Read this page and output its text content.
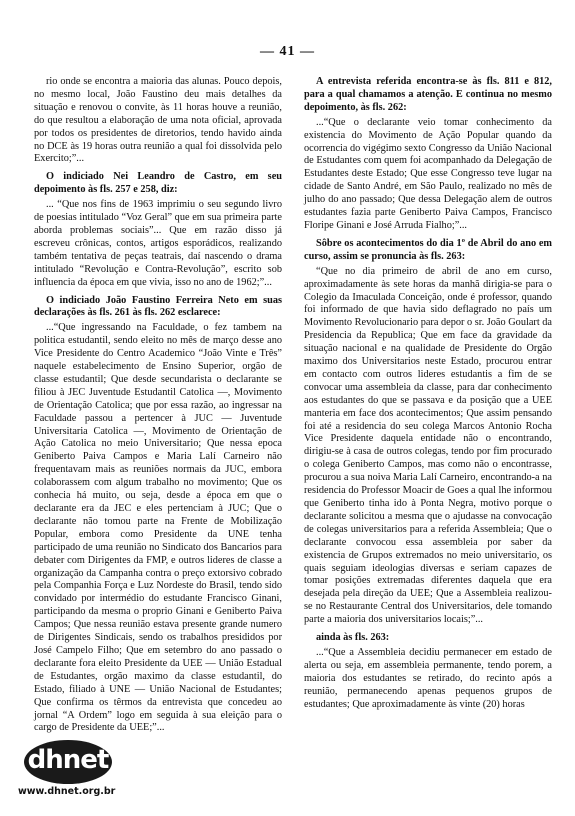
— 41 —

rio onde se encontra a maioria das alunas. Pouco depois, no mesmo local, João Faustino deu mais detalhes da situação e renovou o convite, às 11 horas houve a reunião, do que resultou a elaboração de uma nota oficial, aprovada por todos os presidentes de diretorios, tendo havido ainda no DCE às 19 horas outra reunião a qual foi dissolvida pelo Exercito;”...

O indiciado Nei Leandro de Castro, em seu depoimento às fls. 257 e 258, diz:

... “Que nos fins de 1963 imprimiu o seu segundo livro de poesias intitulado “Voz Geral” que em sua primeira parte aborda problemas sociais”... Que em razão disso já escreveu crônicas, contos, artigos esporádicos, realizando também tentativa de peças teatrais, daí nascendo o drama intitulado “Revolução e Contra-Revolução”, escrito sob influencia da época em que vivia, isso no ano de 1962;”...

O indiciado João Faustino Ferreira Neto em suas declarações às fls. 261 às fls. 262 esclarece:

...“Que ingressando na Faculdade, o fez tambem na politica estudantil, sendo eleito no mês de março desse ano Vice Presidente do Centro Academico “João Vinte e Três” naquele estabelecimento de Ensino Superior, orgão de classe estudantil; Que desde secundarista o declarante se filiou à JEC Juventude Estudantil Catolica —, Movimento de Orientação Catolica; que por essa razão, ao ingressar na Faculdade passou a pertencer à JUC — Juventude Universitaria Catolica —, Movimento de Orientação de Ação Catolica no meio Universitario; Que nessa epoca Geniberto Paiva Campos e Maria Lalí Carneiro não frequentavam mais as reuniões normais da JUC, embora colaborassem com algum trabalho no movimento; Que os conhecia há muito, ou seja, desde a época em que o declarante era da JEC e eles pertenciam à JUC; Que o declarante não tomou parte na Frente de Mobilização Popular, embora como Presidente da UNE tenha participado de uma reunião no Sindicato dos Bancarios para debater com Dirigentes da FMP, e outros lideres de classe a organização da Campanha contra o preço extorsivo cobrado pela Companhia Força e Luz Nordeste do Brasil, tendo sido convidado por intermédio do estudante Francisco Ginani, participando da mesma o proprio Ginani e Geniberto Paiva Campos; Que nessa reunião estava presente grande numero de Dirigentes Sindicais, sendo os trabalhos presididos por José Campelo Filho; Que em setembro do ano passado o declarante fora eleito Presidente da UEE — União Estadual de Estudantes, orgão maximo da classe estudantil, do Estado, filiado à UNE — União Nacional de Estudantes; Que confirma os têrmos da entrevista que concedeu ao jornal “A Ordem” logo em seguida à sua eleição para o cargo de Presidente da UEE;”...

A entrevista referida encontra-se às fls. 811 e 812, para a qual chamamos a atenção. E continua no mesmo depoimento, às fls. 262:

...“Que o declarante veio tomar conhecimento da existencia do Movimento de Ação Popular quando da ocorrencia do vigégimo sexto Congresso da União Nacional de Estudantes com quem foi acompanhado da Delegação de Estudantes deste Estado; Que esse Congresso teve lugar na cidade de Santo André, em São Paulo, realizado no mês de julho do ano passado; Que dessa Delegação alem de outros estudantes fazia parte Geniberto Paiva Campos, Francisco Floripe Ginani e José Arruda Fialho;”...

Sôbre os acontecimentos do dia 1º de Abril do ano em curso, assim se pronuncia às fls. 263:

“Que no dia primeiro de abril de ano em curso, aproximadamente às sete horas da manhã dirigia-se para o Colegio da Imaculada Conceição, onde é professor, quando foi informado de que havia sido deflagrado no país um Movimento Revolucionario para depor o sr. João Goulart da Presidencia da Republica; Que em face da gravidade da situação nacional e na qualidade de Presidente do Orgão maximo dos Universitarios neste Estado, procurou entrar em contacto com outros lideres estudantis a fim de se convocar uma assembleia da classe, para dar conhecimento aos estudantes do que se passava e da posição que a UEE manteria em face dos acontecimentos; Que assim pensando foi até a residencia do seu colega Marcos Antonio Rocha Vice Presidente daquela entidade não o encontrando, dirigiu-se à casa de outros colegas, tendo por fim procurado o colega Geniberto Campos, mas como não o encontrasse, procurou a sua noiva Maria Lalí Carneiro, encontrando-a na residencia do Professor Moacir de Goes a qual lhe informou que Geniberto tinha ido à Ponta Negra, motivo porque o declarante solicitou a mesma que o ajudasse na convocação de colegas universitarios para a referida Assembleia; Que o declarante convocou essa assembleia por saber da existencia de Grupos extremados no meio universitario, os quais seguiam ideologias diversas e seriam capazes de tomar posições extremadas diferentes daquela que era desejada pela direção da UEE; Que a Assembleia realizou-se no Restaurante Central dos Universitarios, dele tomando parte a maioria dos universitarios locais;”...

ainda às fls. 263:

...“Que a Assembleia decidiu permanecer em estado de alerta ou seja, em assembleia permanente, tendo porem, a maioria dos estudantes se retirado, do recinto após a reunião, permanecendo apenas pequenos grupos de estudantes; Que aproximadamente às vinte (20) horas

dhnet
www.dhnet.org.br
